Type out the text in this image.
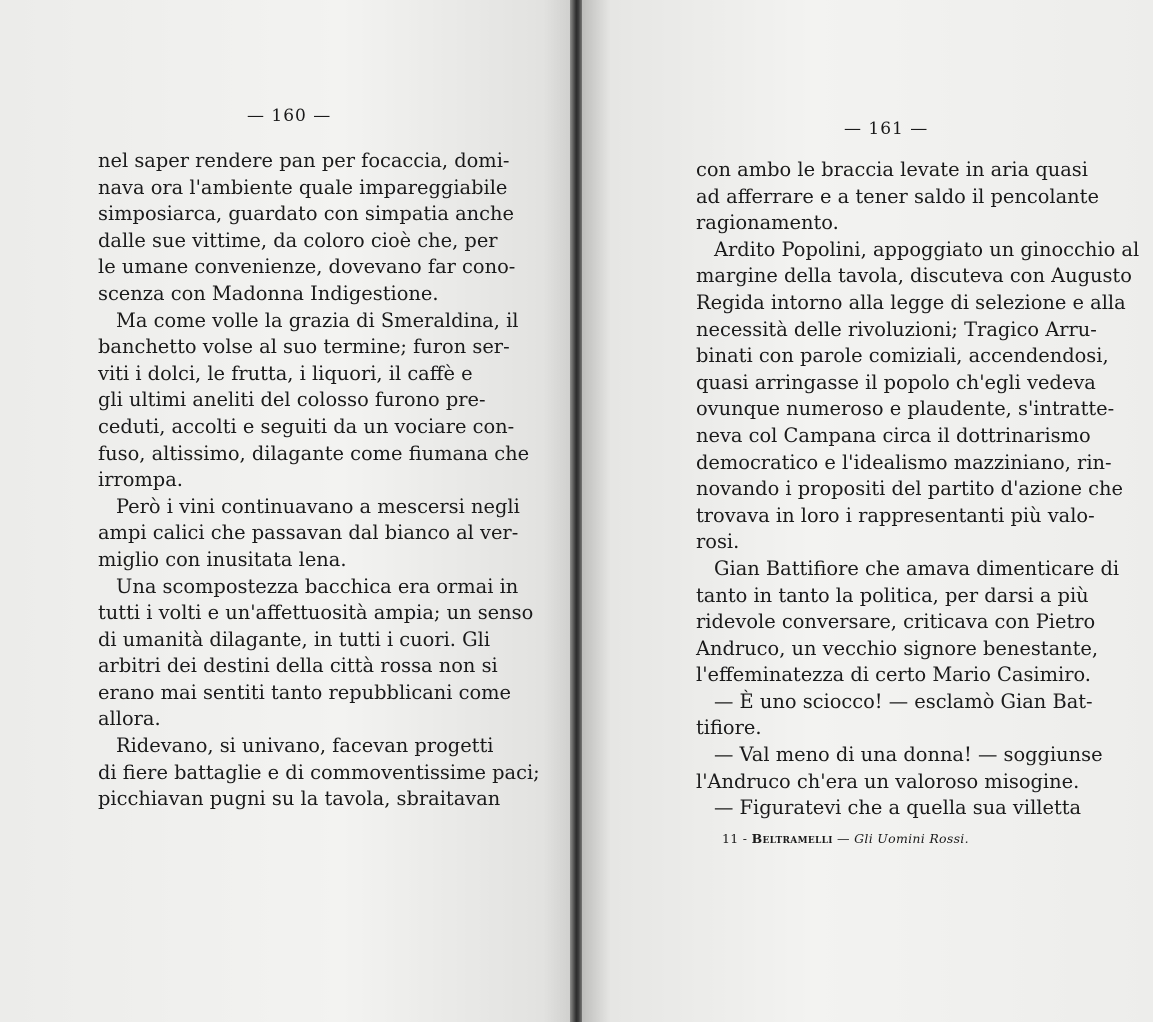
— 160 —
nel saper rendere pan per focaccia, domi-
nava ora l'ambiente quale impareggiabile
simposiarca, guardato con simpatia anche
dalle sue vittime, da coloro cioè che, per
le umane convenienze, dovevano far cono-
scenza con Madonna Indigestione.
Ma come volle la grazia di Smeraldina, il
banchetto volse al suo termine; furon ser-
viti i dolci, le frutta, i liquori, il caffè e
gli ultimi aneliti del colosso furono pre-
ceduti, accolti e seguiti da un vociare con-
fuso, altissimo, dilagante come fiumana che
irrompa.
Però i vini continuavano a mescersi negli
ampi calici che passavan dal bianco al ver-
miglio con inusitata lena.
Una scompostezza bacchica era ormai in
tutti i volti e un'affettuosità ampia; un senso
di umanità dilagante, in tutti i cuori. Gli
arbitri dei destini della città rossa non si
erano mai sentiti tanto repubblicani come
allora.
Ridevano, si univano, facevan progetti
di fiere battaglie e di commoventissime paci;
picchiavan pugni su la tavola, sbraitavan
— 161 —
con ambo le braccia levate in aria quasi
ad afferrare e a tener saldo il pencolante
ragionamento.
Ardito Popolini, appoggiato un ginocchio al
margine della tavola, discuteva con Augusto
Regida intorno alla legge di selezione e alla
necessità delle rivoluzioni; Tragico Arru-
binati con parole comiziali, accendendosi,
quasi arringasse il popolo ch'egli vedeva
ovunque numeroso e plaudente, s'intratte-
neva col Campana circa il dottrinarismo
democratico e l'idealismo mazziniano, rin-
novando i propositi del partito d'azione che
trovava in loro i rappresentanti più valo-
rosi.
Gian Battifiore che amava dimenticare di
tanto in tanto la politica, per darsi a più
ridevole conversare, criticava con Pietro
Andruco, un vecchio signore benestante,
l'effeminatezza di certo Mario Casimiro.
— È uno sciocco! — esclamò Gian Bat-
tifiore.
— Val meno di una donna! — soggiunse
l'Andruco ch'era un valoroso misogine.
— Figuratevi che a quella sua villetta
11 - Beltramelli — Gli Uomini Rossi.
